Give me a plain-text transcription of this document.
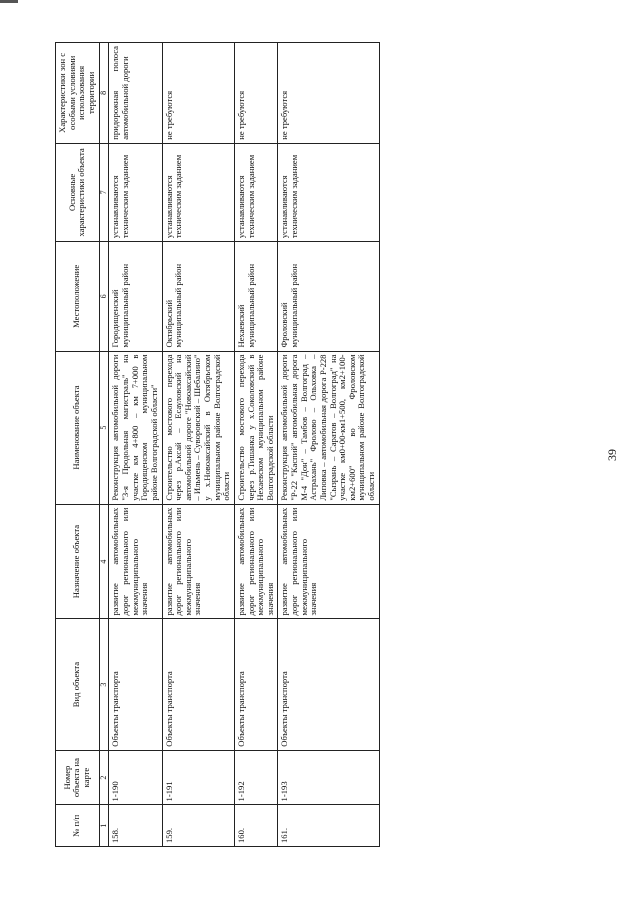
39
№ п/п	Номер объекта на карте	Вид объекта	Назначение объекта	Наименование объекта	Местоположение	Основные характеристики объекта	Характеристики зон с особыми условиями использования территории
1	2	3	4	5	6	7	8
158.	1-190	Объекты транспорта	развитие автомобильных дорог регионального или межмуниципального значения	Реконструкция автомобильной дороги "3-я Продольная магистраль" на участке км 4+800 – км 7+000 в Городищенском муниципальном районе Волгоградской области"	Городищенский муниципальный район	устанавливаются техническим заданием	придорожная полоса автомобильной дороги
159.	1-191	Объекты транспорта	развитие автомобильных дорог регионального или межмуниципального значения	Строительство мостового перехода через р.Аксай – Есауловский на автомобильной дороге "Новоаксайский – Ильмень – Суворовский – Шебалино" у х.Новоаксайский в Октябрьском муниципальном районе Волгоградской области	Октябрьский муниципальный район	устанавливаются техническим заданием	не требуются
160.	1-192	Объекты транспорта	развитие автомобильных дорог регионального или межмуниципального значения	Строительство мостового перехода через р.Тишанка у х.Соколовский в Нехаевском муниципальном районе Волгоградской области	Нехаевский муниципальный район	устанавливаются техническим заданием	не требуются
161.	1-193	Объекты транспорта	развитие автомобильных дорог регионального или межмуниципального значения	Реконструкция автомобильной дороги "Р-22 "Каспий" автомобильная дорога М-4 "Дон" – Тамбов – Волгоград – Астрахань" Фролово – Ольховка – Липовка – автомобильная дорога Р-228 "Сызрань – Саратов – Волгоград" на участке км0+00-км1+500, км2+100-км2+600" во Фроловском муниципальном районе Волгоградской области	Фроловский муниципальный район	устанавливаются техническим заданием	не требуются
